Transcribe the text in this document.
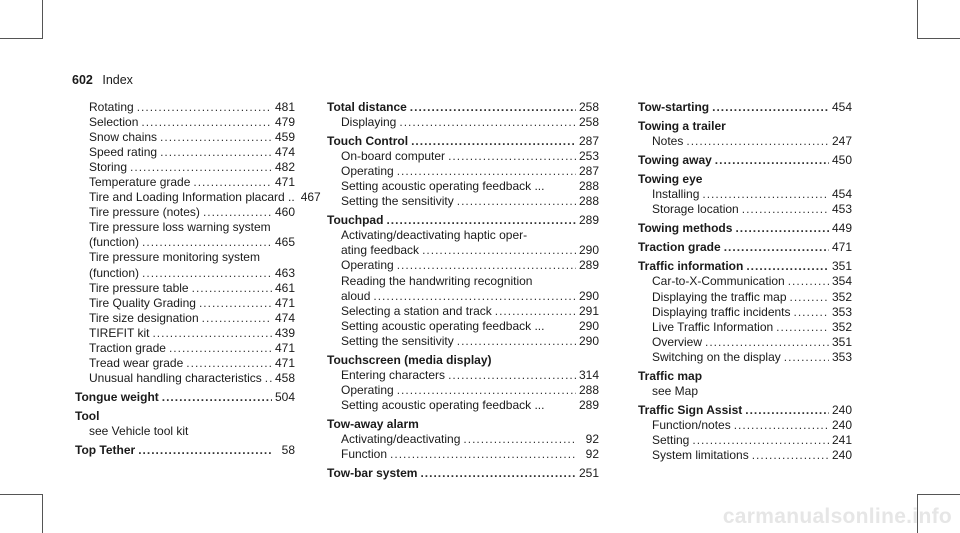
602 Index
Rotating .....	481
Selection .....	479
Snow chains .....	459
Speed rating .....	474
Storing .....	482
Temperature grade .....	471
Tire and Loading Information placard .. 467
Tire pressure (notes) .....	460
Tire pressure loss warning system
(function) .....	465
Tire pressure monitoring system
(function) .....	463
Tire pressure table .....	461
Tire Quality Grading .....	471
Tire size designation .....	474
TIREFIT kit .....	439
Traction grade .....	471
Tread wear grade .....	471
Unusual handling characteristics ..... 458
Tongue weight .....	504
Tool
see Vehicle tool kit
Top Tether .....	58
Total distance .....	258
Displaying .....	258
Touch Control .....	287
On-board computer .....	253
Operating .....	287
Setting acoustic operating feedback ...	288
Setting the sensitivity .....	288
Touchpad .....	289
Activating/deactivating haptic oper-
ating feedback .....	290
Operating .....	289
Reading the handwriting recognition
aloud .....	290
Selecting a station and track .....	291
Setting acoustic operating feedback ...	290
Setting the sensitivity .....	290
Touchscreen (media display)
Entering characters .....	314
Operating .....	288
Setting acoustic operating feedback ...	289
Tow-away alarm
Activating/deactivating .....	92
Function .....	92
Tow-bar system .....	251
Tow-starting .....	454
Towing a trailer
Notes .....	247
Towing away .....	450
Towing eye
Installing .....	454
Storage location .....	453
Towing methods .....	449
Traction grade .....	471
Traffic information .....	351
Car-to-X-Communication .....	354
Displaying the traffic map .....	352
Displaying traffic incidents .....	353
Live Traffic Information .....	352
Overview .....	351
Switching on the display .....	353
Traffic map
see Map
Traffic Sign Assist .....	240
Function/notes .....	240
Setting .....	241
System limitations .....	240
carmanualsonline.info
